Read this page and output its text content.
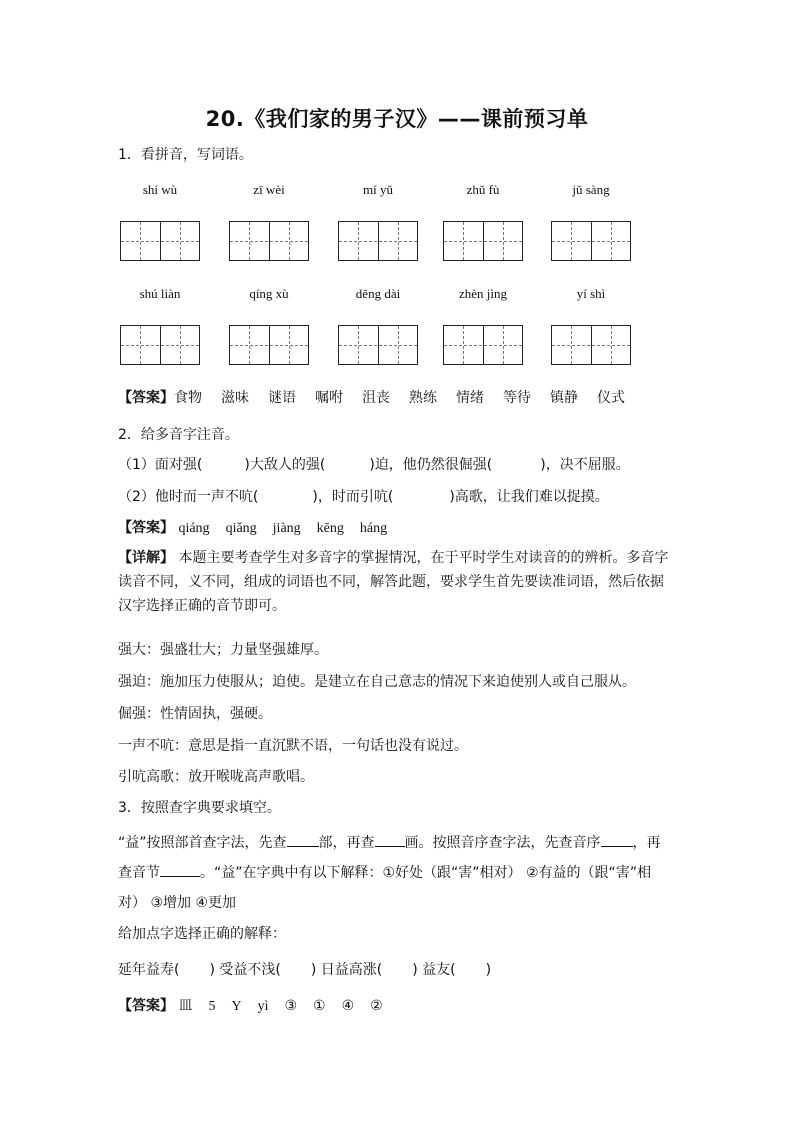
20.《我们家的男子汉》——课前预习单
1．看拼音，写词语。
shí wù	zī wèi	mí yǔ	zhǔ fù	jǔ sàng
shú liàn	qíng xù	děng dài	zhèn jìng	yí shì
【答案】食物 滋味 谜语 嘱咐 沮丧 熟练 情绪 等待 镇静 仪式
2．给多音字注音。
（1）面对强(	)大敌人的强(	)迫，他仍然很倔强(	)，决不屈服。
（2）他时而一声不吭(	)，时而引吭(	)高歌，让我们难以捉摸。
【答案】 qiáng qiǎng jiàng kēng háng
【详解】 本题主要考查学生对多音字的掌握情况，在于平时学生对读音的的辨析。多音字读音不同，义不同，组成的词语也不同，解答此题，要求学生首先要读准词语，然后依据汉字选择正确的音节即可。
强大：强盛壮大；力量坚强雄厚。
强迫：施加压力使服从；迫使。是建立在自己意志的情况下来迫使别人或自己服从。
倔强：性情固执，强硬。
一声不吭：意思是指一直沉默不语，一句话也没有说过。
引吭高歌：放开喉咙高声歌唱。
3．按照查字典要求填空。
“益”按照部首查字法，先查 部，再查 画。按照音序查字法，先查音序 ，再查音节	。“益”在字典中有以下解释：①好处（跟“害”相对） ②有益的（跟“害”相对） ③增加 ④更加
给加点字选择正确的解释：
延年益寿( ) 受益不浅( ) 日益高涨( ) 益友( )
【答案】 皿 5 Y yì ③ ① ④ ②
